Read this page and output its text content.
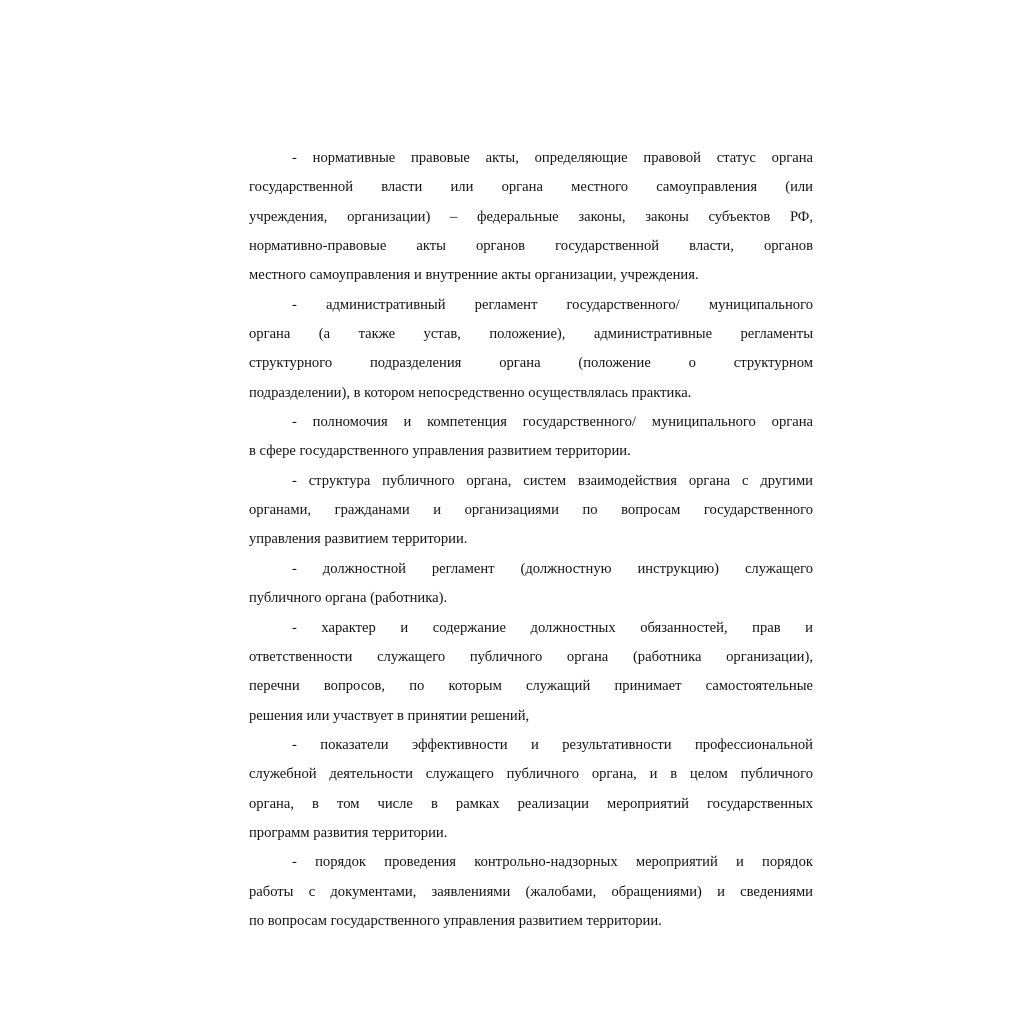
- нормативные правовые акты, определяющие правовой статус органа
государственной власти или органа местного самоуправления (или
учреждения, организации) – федеральные законы, законы субъектов РФ,
нормативно-правовые акты органов государственной власти, органов
местного самоуправления и внутренние акты организации, учреждения.
- административный регламент государственного/ муниципального
органа (а также устав, положение), административные регламенты
структурного подразделения органа (положение о структурном
подразделении), в котором непосредственно осуществлялась практика.
- полномочия и компетенция государственного/ муниципального органа
в сфере государственного управления развитием территории.
- структура публичного органа, систем взаимодействия органа с другими
органами, гражданами и организациями по вопросам государственного
управления развитием территории.
- должностной регламент (должностную инструкцию) служащего
публичного органа (работника).
- характер и содержание должностных обязанностей, прав и
ответственности служащего публичного органа (работника организации),
перечни вопросов, по которым служащий принимает самостоятельные
решения или участвует в принятии решений,
- показатели эффективности и результативности профессиональной
служебной деятельности служащего публичного органа, и в целом публичного
органа, в том числе в рамках реализации мероприятий государственных
программ развития территории.
- порядок проведения контрольно-надзорных мероприятий и порядок
работы с документами, заявлениями (жалобами, обращениями) и сведениями
по вопросам государственного управления развитием территории.
